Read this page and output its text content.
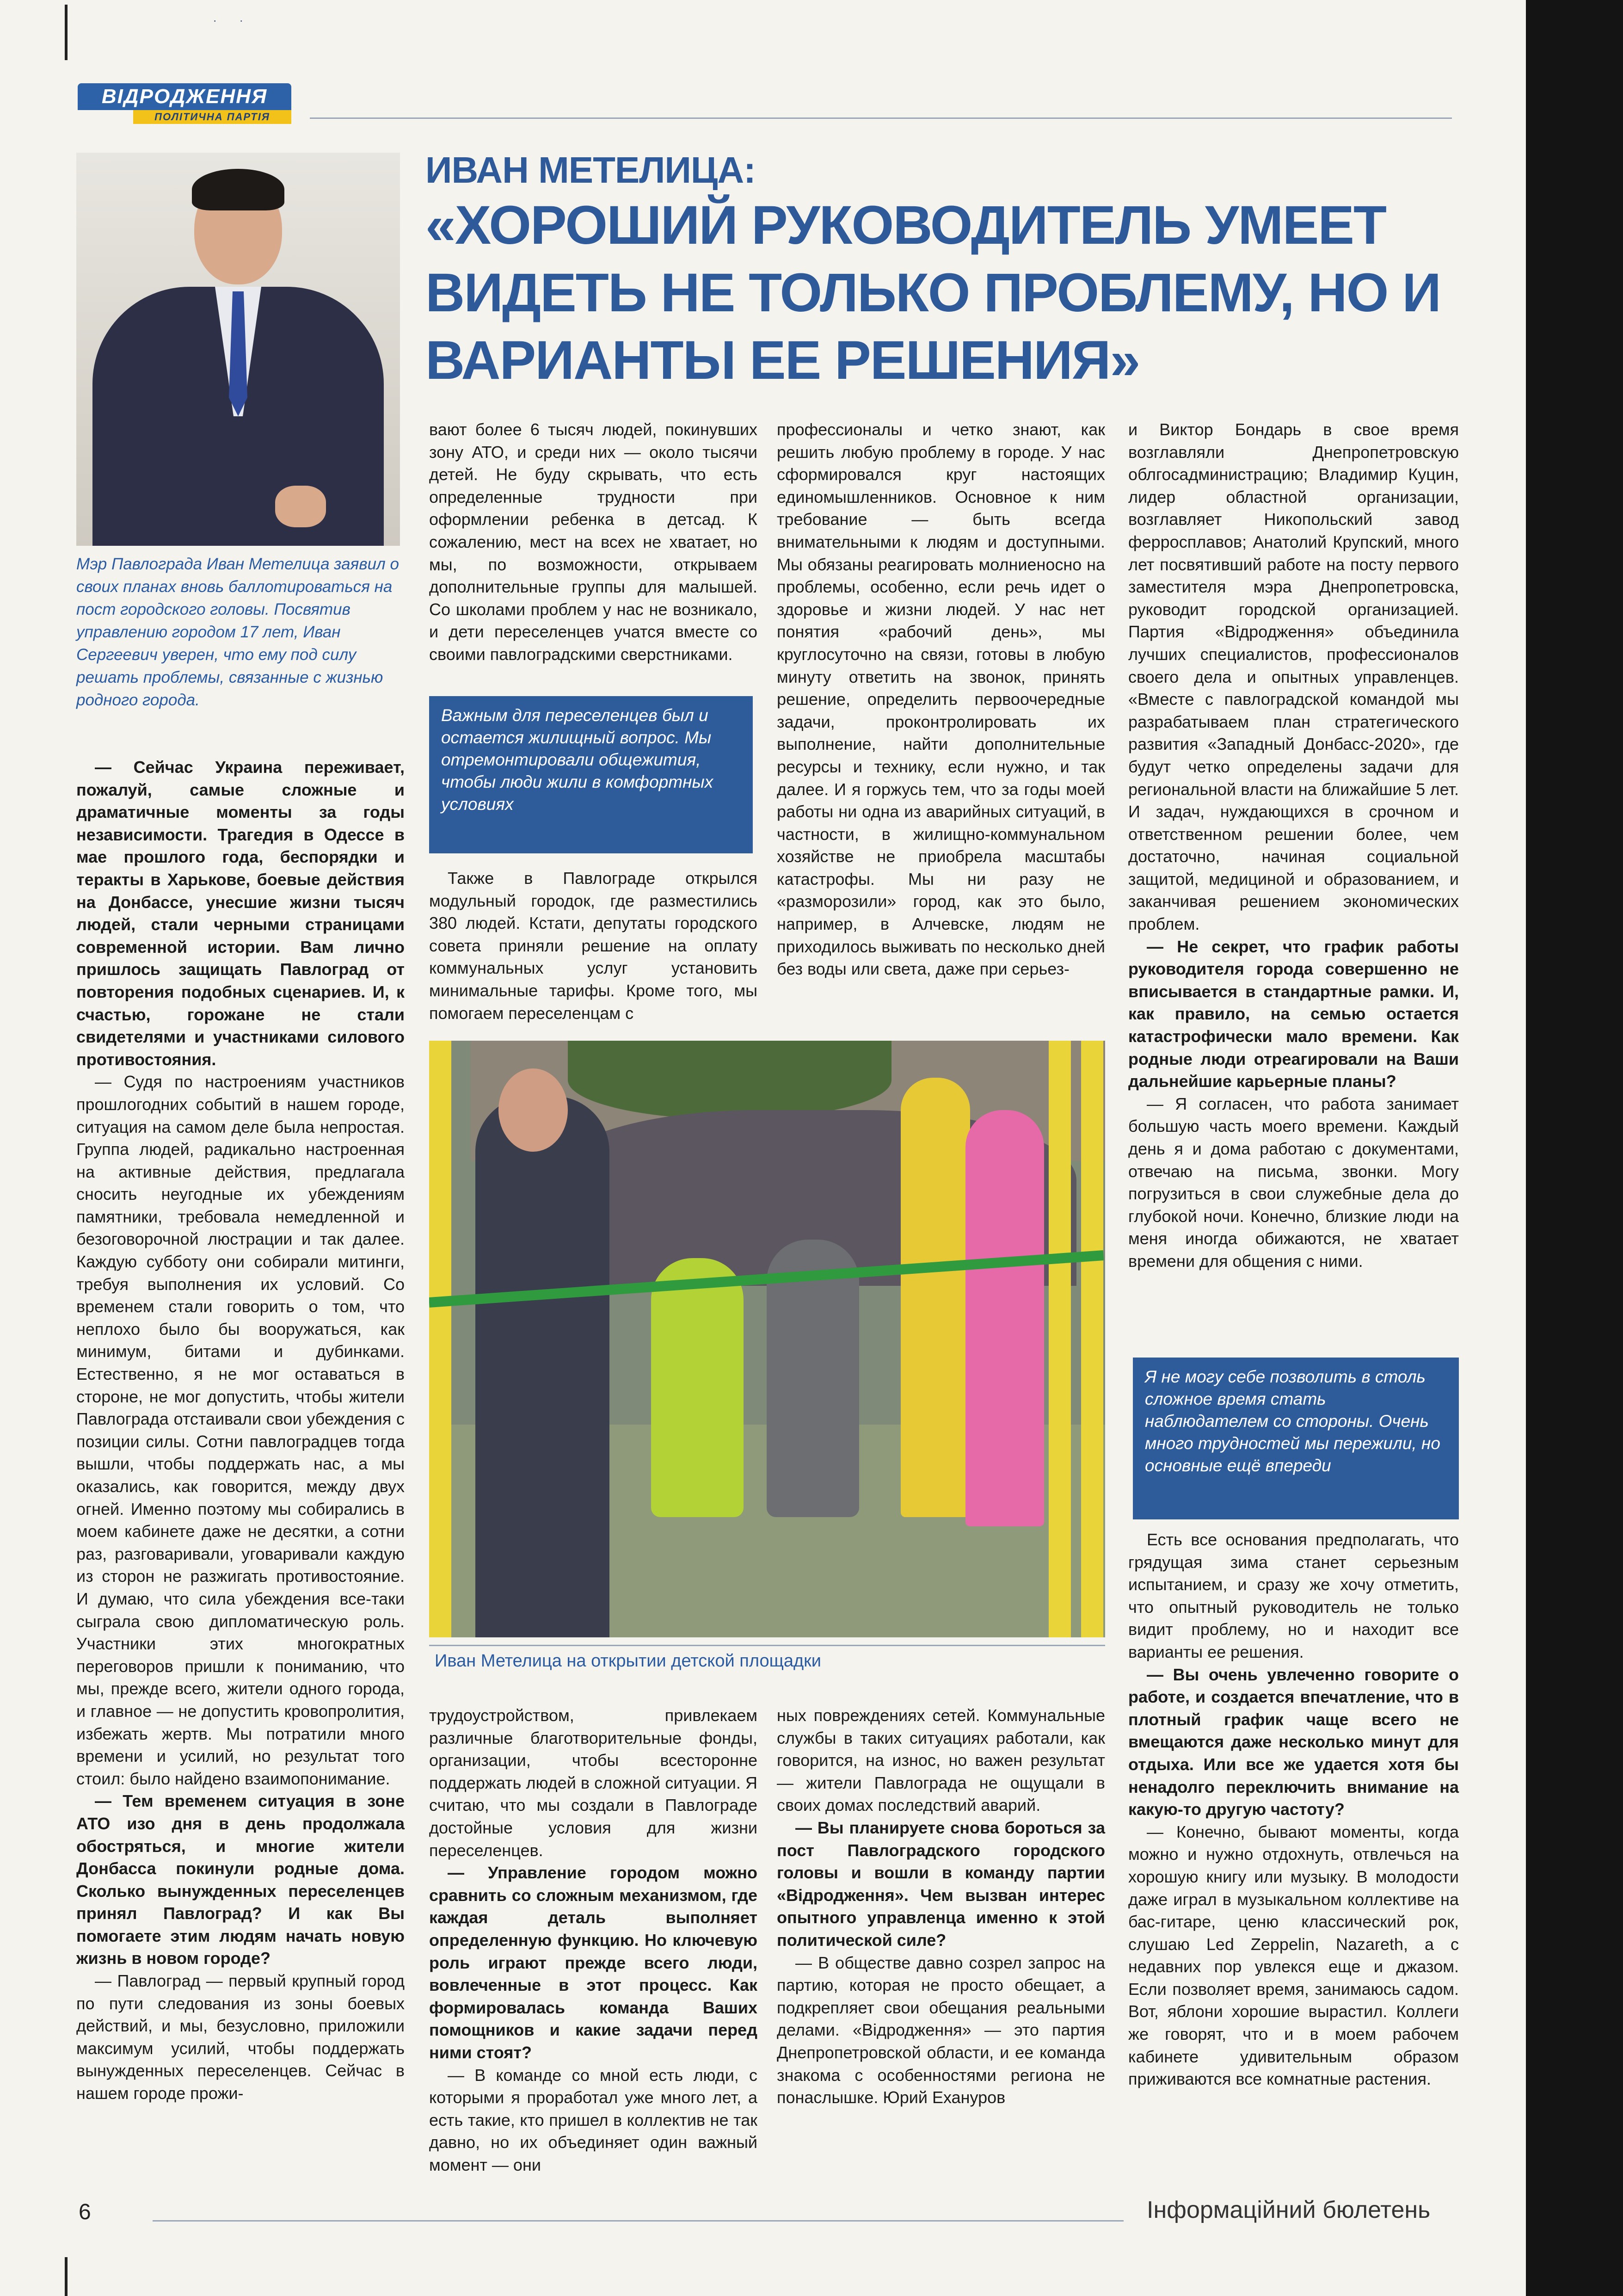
· ·
ВІДРОДЖЕННЯ
ПОЛІТИЧНА ПАРТІЯ
Мэр Павлограда Иван Метелица заявил о своих планах вновь баллотироваться на пост городского головы. Посвятив управлению городом 17 лет, Иван Сергеевич уверен, что ему под силу решать проблемы, связанные с жизнью родного города.
ИВАН МЕТЕЛИЦА:
«ХОРОШИЙ РУКОВОДИТЕЛЬ УМЕЕТ ВИДЕТЬ НЕ ТОЛЬКО ПРОБЛЕМУ, НО И ВАРИАНТЫ ЕЕ РЕШЕНИЯ»

— Сейчас Украина переживает, пожалуй, самые сложные и драматичные моменты за годы независимости. Трагедия в Одессе в мае прошлого года, беспорядки и теракты в Харькове, боевые действия на Донбассе, унесшие жизни тысяч людей, стали черными страницами современной истории. Вам лично пришлось защищать Павлоград от повторения подобных сценариев. И, к счастью, горожане не стали свидетелями и участниками силового противостояния.

— Судя по настроениям участников прошлогодних событий в нашем городе, ситуация на самом деле была непростая. Группа людей, радикально настроенная на активные действия, предлагала сносить неугодные их убеждениям памятники, требовала немедленной и безоговорочной люстрации и так далее. Каждую субботу они собирали митинги, требуя выполнения их условий. Со временем стали говорить о том, что неплохо было бы вооружаться, как минимум, битами и дубинками. Естественно, я не мог оставаться в стороне, не мог допустить, чтобы жители Павлограда отстаивали свои убеждения с позиции силы. Сотни павлоградцев тогда вышли, чтобы поддержать нас, а мы оказались, как говорится, между двух огней. Именно поэтому мы собирались в моем кабинете даже не десятки, а сотни раз, разговаривали, уговаривали каждую из сторон не разжигать противостояние. И думаю, что сила убеждения все-таки сыграла свою дипломатическую роль. Участники этих многократных переговоров пришли к пониманию, что мы, прежде всего, жители одного города, и главное — не допустить кровопролития, избежать жертв. Мы потратили много времени и усилий, но результат того стоил: было найдено взаимопонимание.

— Тем временем ситуация в зоне АТО изо дня в день продолжала обостряться, и многие жители Донбасса покинули родные дома. Сколько вынужденных переселенцев принял Павлоград? И как Вы помогаете этим людям начать новую жизнь в новом городе?

— Павлоград — первый крупный город по пути следования из зоны боевых действий, и мы, безусловно, приложили максимум усилий, чтобы поддержать вынужденных переселенцев. Сейчас в нашем городе прожи-

вают более 6 тысяч людей, покинувших зону АТО, и среди них — около тысячи детей. Не буду скрывать, что есть определенные трудности при оформлении ребенка в детсад. К сожалению, мест на всех не хватает, но мы, по возможности, открываем дополнительные группы для малышей. Со школами проблем у нас не возникало, и дети переселенцев учатся вместе со своими павлоградскими сверстниками.

Важным для переселенцев был и остается жилищный вопрос. Мы отремонтировали общежития, чтобы люди жили в комфортных условиях

Также в Павлограде открылся модульный городок, где разместились 380 людей. Кстати, депутаты городского совета приняли решение на оплату коммунальных услуг установить минимальные тарифы. Кроме того, мы помогаем переселенцам с

профессионалы и четко знают, как решить любую проблему в городе. У нас сформировался круг настоящих единомышленников. Основное к ним требование — быть всегда внимательными к людям и доступными. Мы обязаны реагировать молниеносно на проблемы, особенно, если речь идет о здоровье и жизни людей. У нас нет понятия «рабочий день», мы круглосуточно на связи, готовы в любую минуту ответить на звонок, принять решение, определить первоочередные задачи, проконтролировать их выполнение, найти дополнительные ресурсы и технику, если нужно, и так далее. И я горжусь тем, что за годы моей работы ни одна из аварийных ситуаций, в частности, в жилищно-коммунальном хозяйстве не приобрела масштабы катастрофы. Мы ни разу не «разморозили» город, как это было, например, в Алчевске, людям не приходилось выживать по несколько дней без воды или света, даже при серьез-

и Виктор Бондарь в свое время возглавляли Днепропетровскую облгосадминистрацию; Владимир Куцин, лидер областной организации, возглавляет Никопольский завод ферросплавов; Анатолий Крупский, много лет посвятивший работе на посту первого заместителя мэра Днепропетровска, руководит городской организацией. Партия «Відродження» объединила лучших специалистов, профессионалов своего дела и опытных управленцев. «Вместе с павлоградской командой мы разрабатываем план стратегического развития «Западный Донбасс-2020», где будут четко определены задачи для региональной власти на ближайшие 5 лет. И задач, нуждающихся в срочном и ответственном решении более, чем достаточно, начиная социальной защитой, медициной и образованием, и заканчивая решением экономических проблем.

— Не секрет, что график работы руководителя города совершенно не вписывается в стандартные рамки. И, как правило, на семью остается катастрофически мало времени. Как родные люди отреагировали на Ваши дальнейшие карьерные планы?

— Я согласен, что работа занимает большую часть моего времени. Каждый день я и дома работаю с документами, отвечаю на письма, звонки. Могу погрузиться в свои служебные дела до глубокой ночи. Конечно, близкие люди на меня иногда обижаются, не хватает времени для общения с ними.

Я не могу себе позволить в столь сложное время стать наблюдателем со стороны. Очень много трудностей мы пережили, но основные ещё впереди

Есть все основания предполагать, что грядущая зима станет серьезным испытанием, и сразу же хочу отметить, что опытный руководитель не только видит проблему, но и находит все варианты ее решения.

— Вы очень увлеченно говорите о работе, и создается впечатление, что в плотный график чаще всего не вмещаются даже несколько минут для отдыха. Или все же удается хотя бы ненадолго переключить внимание на какую-то другую частоту?

— Конечно, бывают моменты, когда можно и нужно отдохнуть, отвлечься на хорошую книгу или музыку. В молодости даже играл в музыкальном коллективе на бас-гитаре, ценю классический рок, слушаю Led Zeppelin, Nazareth, а с недавних пор увлекся еще и джазом. Если позволяет время, занимаюсь садом. Вот, яблони хорошие вырастил. Коллеги же говорят, что и в моем рабочем кабинете удивительным образом приживаются все комнатные растения.

Иван Метелица на открытии детской площадки

трудоустройством, привлекаем различные благотворительные фонды, организации, чтобы всесторонне поддержать людей в сложной ситуации. Я считаю, что мы создали в Павлограде достойные условия для жизни переселенцев.

— Управление городом можно сравнить со сложным механизмом, где каждая деталь выполняет определенную функцию. Но ключевую роль играют прежде всего люди, вовлеченные в этот процесс. Как формировалась команда Ваших помощников и какие задачи перед ними стоят?

— В команде со мной есть люди, с которыми я проработал уже много лет, а есть такие, кто пришел в коллектив не так давно, но их объединяет один важный момент — они

ных повреждениях сетей. Коммунальные службы в таких ситуациях работали, как говорится, на износ, но важен результат — жители Павлограда не ощущали в своих домах последствий аварий.

— Вы планируете снова бороться за пост Павлоградского городского головы и вошли в команду партии «Відродження». Чем вызван интерес опытного управленца именно к этой политической силе?

— В обществе давно созрел запрос на партию, которая не просто обещает, а подкрепляет свои обещания реальными делами. «Відродження» — это партия Днепропетровской области, и ее команда знакома с особенностями региона не понаслышке. Юрий Ехануров

6	Інформаційний бюлетень
